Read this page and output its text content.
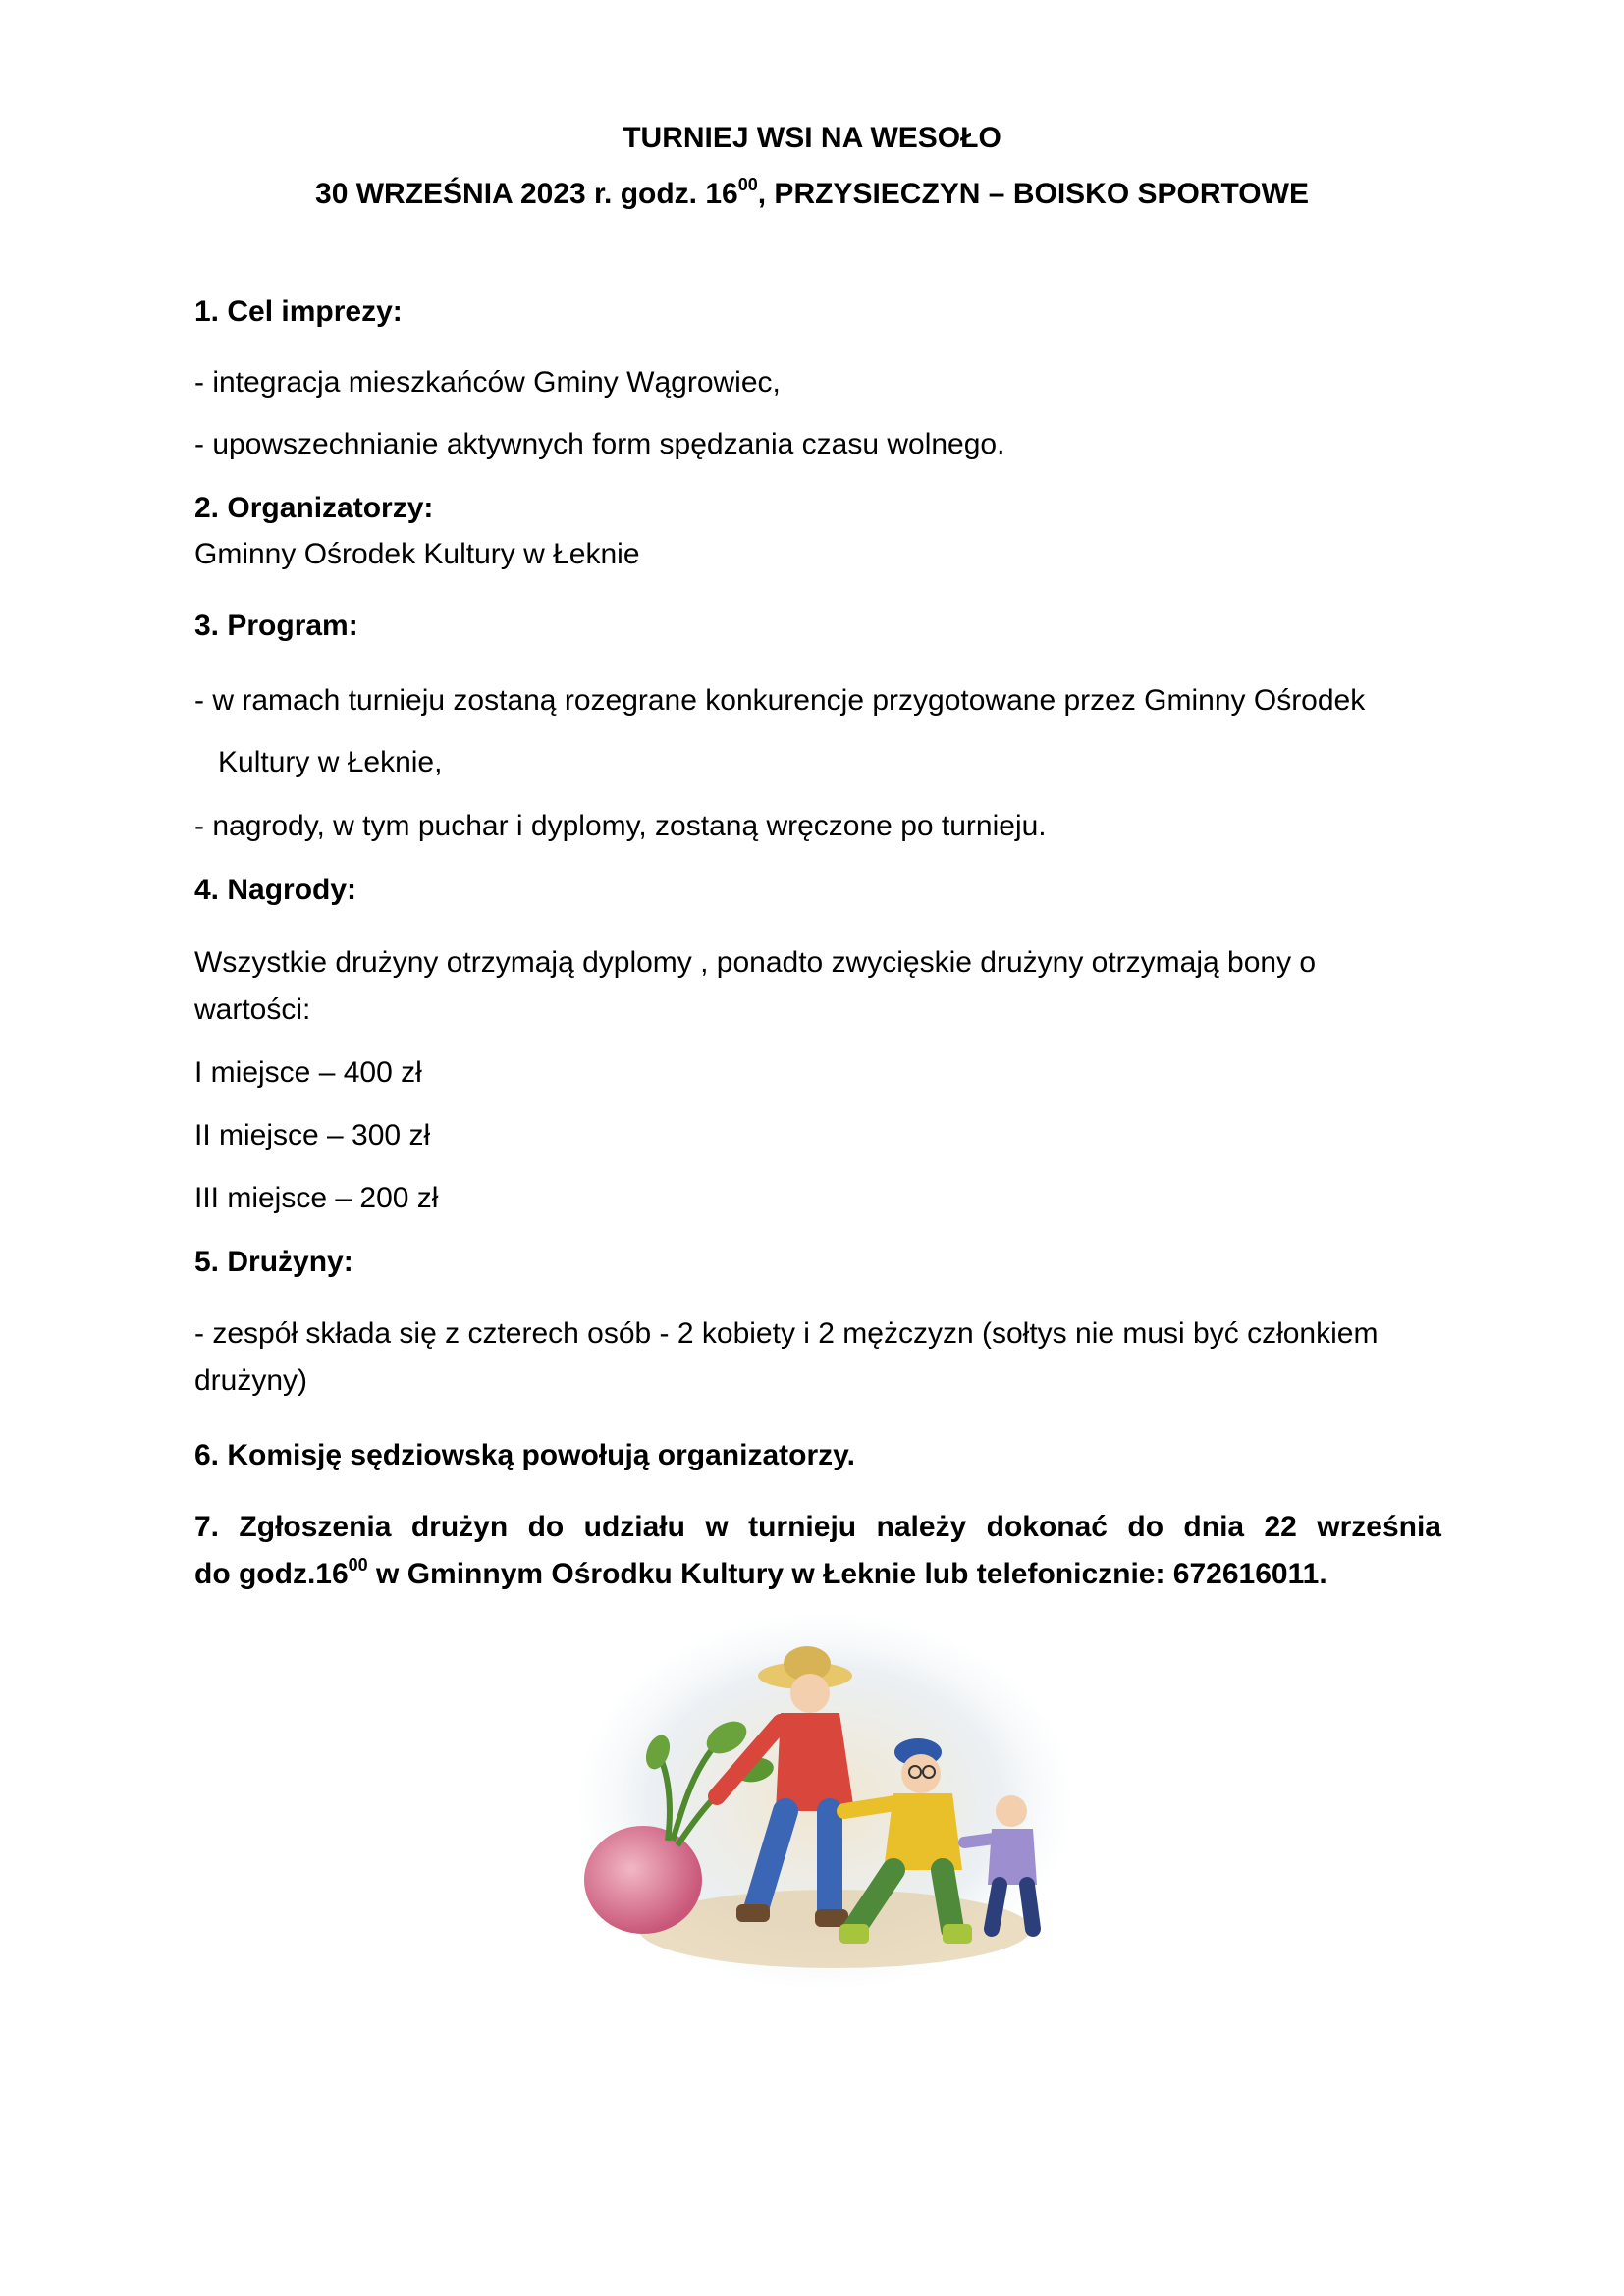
TURNIEJ WSI NA WESOŁO
30 WRZEŚNIA 2023 r. godz. $16^{00}$, PRZYSIECZYN – BOISKO SPORTOWE
1. Cel imprezy:
- integracja mieszkańców Gminy Wągrowiec,
- upowszechnianie aktywnych form spędzania czasu wolnego.
2. Organizatorzy:
Gminny Ośrodek Kultury w Łeknie
3. Program:
- w ramach turnieju zostaną rozegrane konkurencje przygotowane przez Gminny Ośrodek
Kultury w Łeknie,
- nagrody, w tym puchar i dyplomy, zostaną wręczone po turnieju.
4. Nagrody:
Wszystkie drużyny otrzymają dyplomy , ponadto zwycięskie drużyny otrzymają bony o
wartości:
I miejsce – 400 zł
II miejsce – 300 zł
III miejsce – 200 zł
5. Drużyny:
- zespół składa się z czterech osób - 2 kobiety i 2 mężczyzn (sołtys nie musi być członkiem
drużyny)
6. Komisję sędziowską powołują organizatorzy.
7. Zgłoszenia drużyn do udziału w turnieju należy dokonać do dnia 22 września
do $godz.16^{00}$ w Gminnym Ośrodku Kultury w Łeknie lub telefonicznie: 672616011.
